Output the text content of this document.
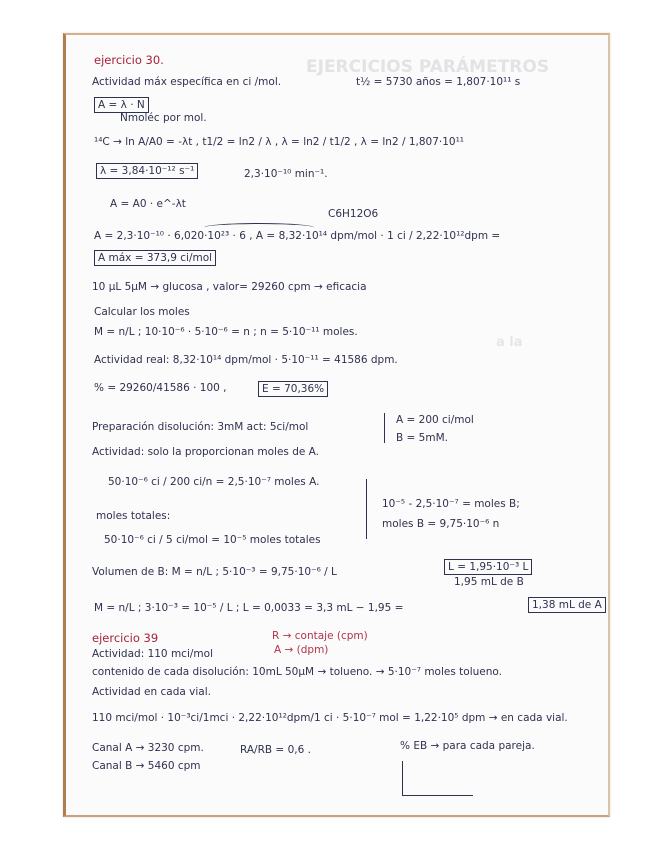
EJERCICIOS PARÁMETROS
a la
ejercicio 30.
Actividad máx específica en ci /mol.	t½ = 5730 años = 1,807·10¹¹ s
A = λ · N
Nmoléc por mol.
¹⁴C → ln A/A0 = -λt , t1/2 = ln2 / λ , λ = ln2 / t1/2 , λ = ln2 / 1,807·10¹¹
λ = 3,84·10⁻¹² s⁻¹	2,3·10⁻¹⁰ min⁻¹.
A = A0 · e^-λt
C6H12O6
A = 2,3·10⁻¹⁰ · 6,020·10²³ · 6 , A = 8,32·10¹⁴ dpm/mol · 1 ci / 2,22·10¹²dpm =
A máx = 373,9 ci/mol
10 μL 5μM → glucosa , valor= 29260 cpm → eficacia
Calcular los moles
M = n/L ; 10·10⁻⁶ · 5·10⁻⁶ = n ; n = 5·10⁻¹¹ moles.
Actividad real: 8,32·10¹⁴ dpm/mol · 5·10⁻¹¹ = 41586 dpm.
% = 29260/41586 · 100 ,	E = 70,36%
Preparación disolución: 3mM act: 5ci/mol
A = 200 ci/mol
B = 5mM.
Actividad: solo la proporcionan moles de A.
50·10⁻⁶ ci / 200 ci/n = 2,5·10⁻⁷ moles A.
moles totales:
50·10⁻⁶ ci / 5 ci/mol = 10⁻⁵ moles totales
10⁻⁵ - 2,5·10⁻⁷ = moles B;
moles B = 9,75·10⁻⁶ n
Volumen de B: M = n/L ; 5·10⁻³ = 9,75·10⁻⁶ / L	L = 1,95·10⁻³ L
1,95 mL de B
M = n/L ; 3·10⁻³ = 10⁻⁵ / L ; L = 0,0033 = 3,3 mL − 1,95 =	1,38 mL de A
ejercicio 39	R → contaje (cpm)
A → (dpm)
Actividad: 110 mci/mol
contenido de cada disolución: 10mL 50μM → tolueno. → 5·10⁻⁷ moles tolueno.
Actividad en cada vial.
110 mci/mol · 10⁻³ci/1mci · 2,22·10¹²dpm/1 ci · 5·10⁻⁷ mol = 1,22·10⁵ dpm → en cada vial.
Canal A → 3230 cpm.	RA/RB = 0,6 .	% EB → para cada pareja.
Canal B → 5460 cpm
